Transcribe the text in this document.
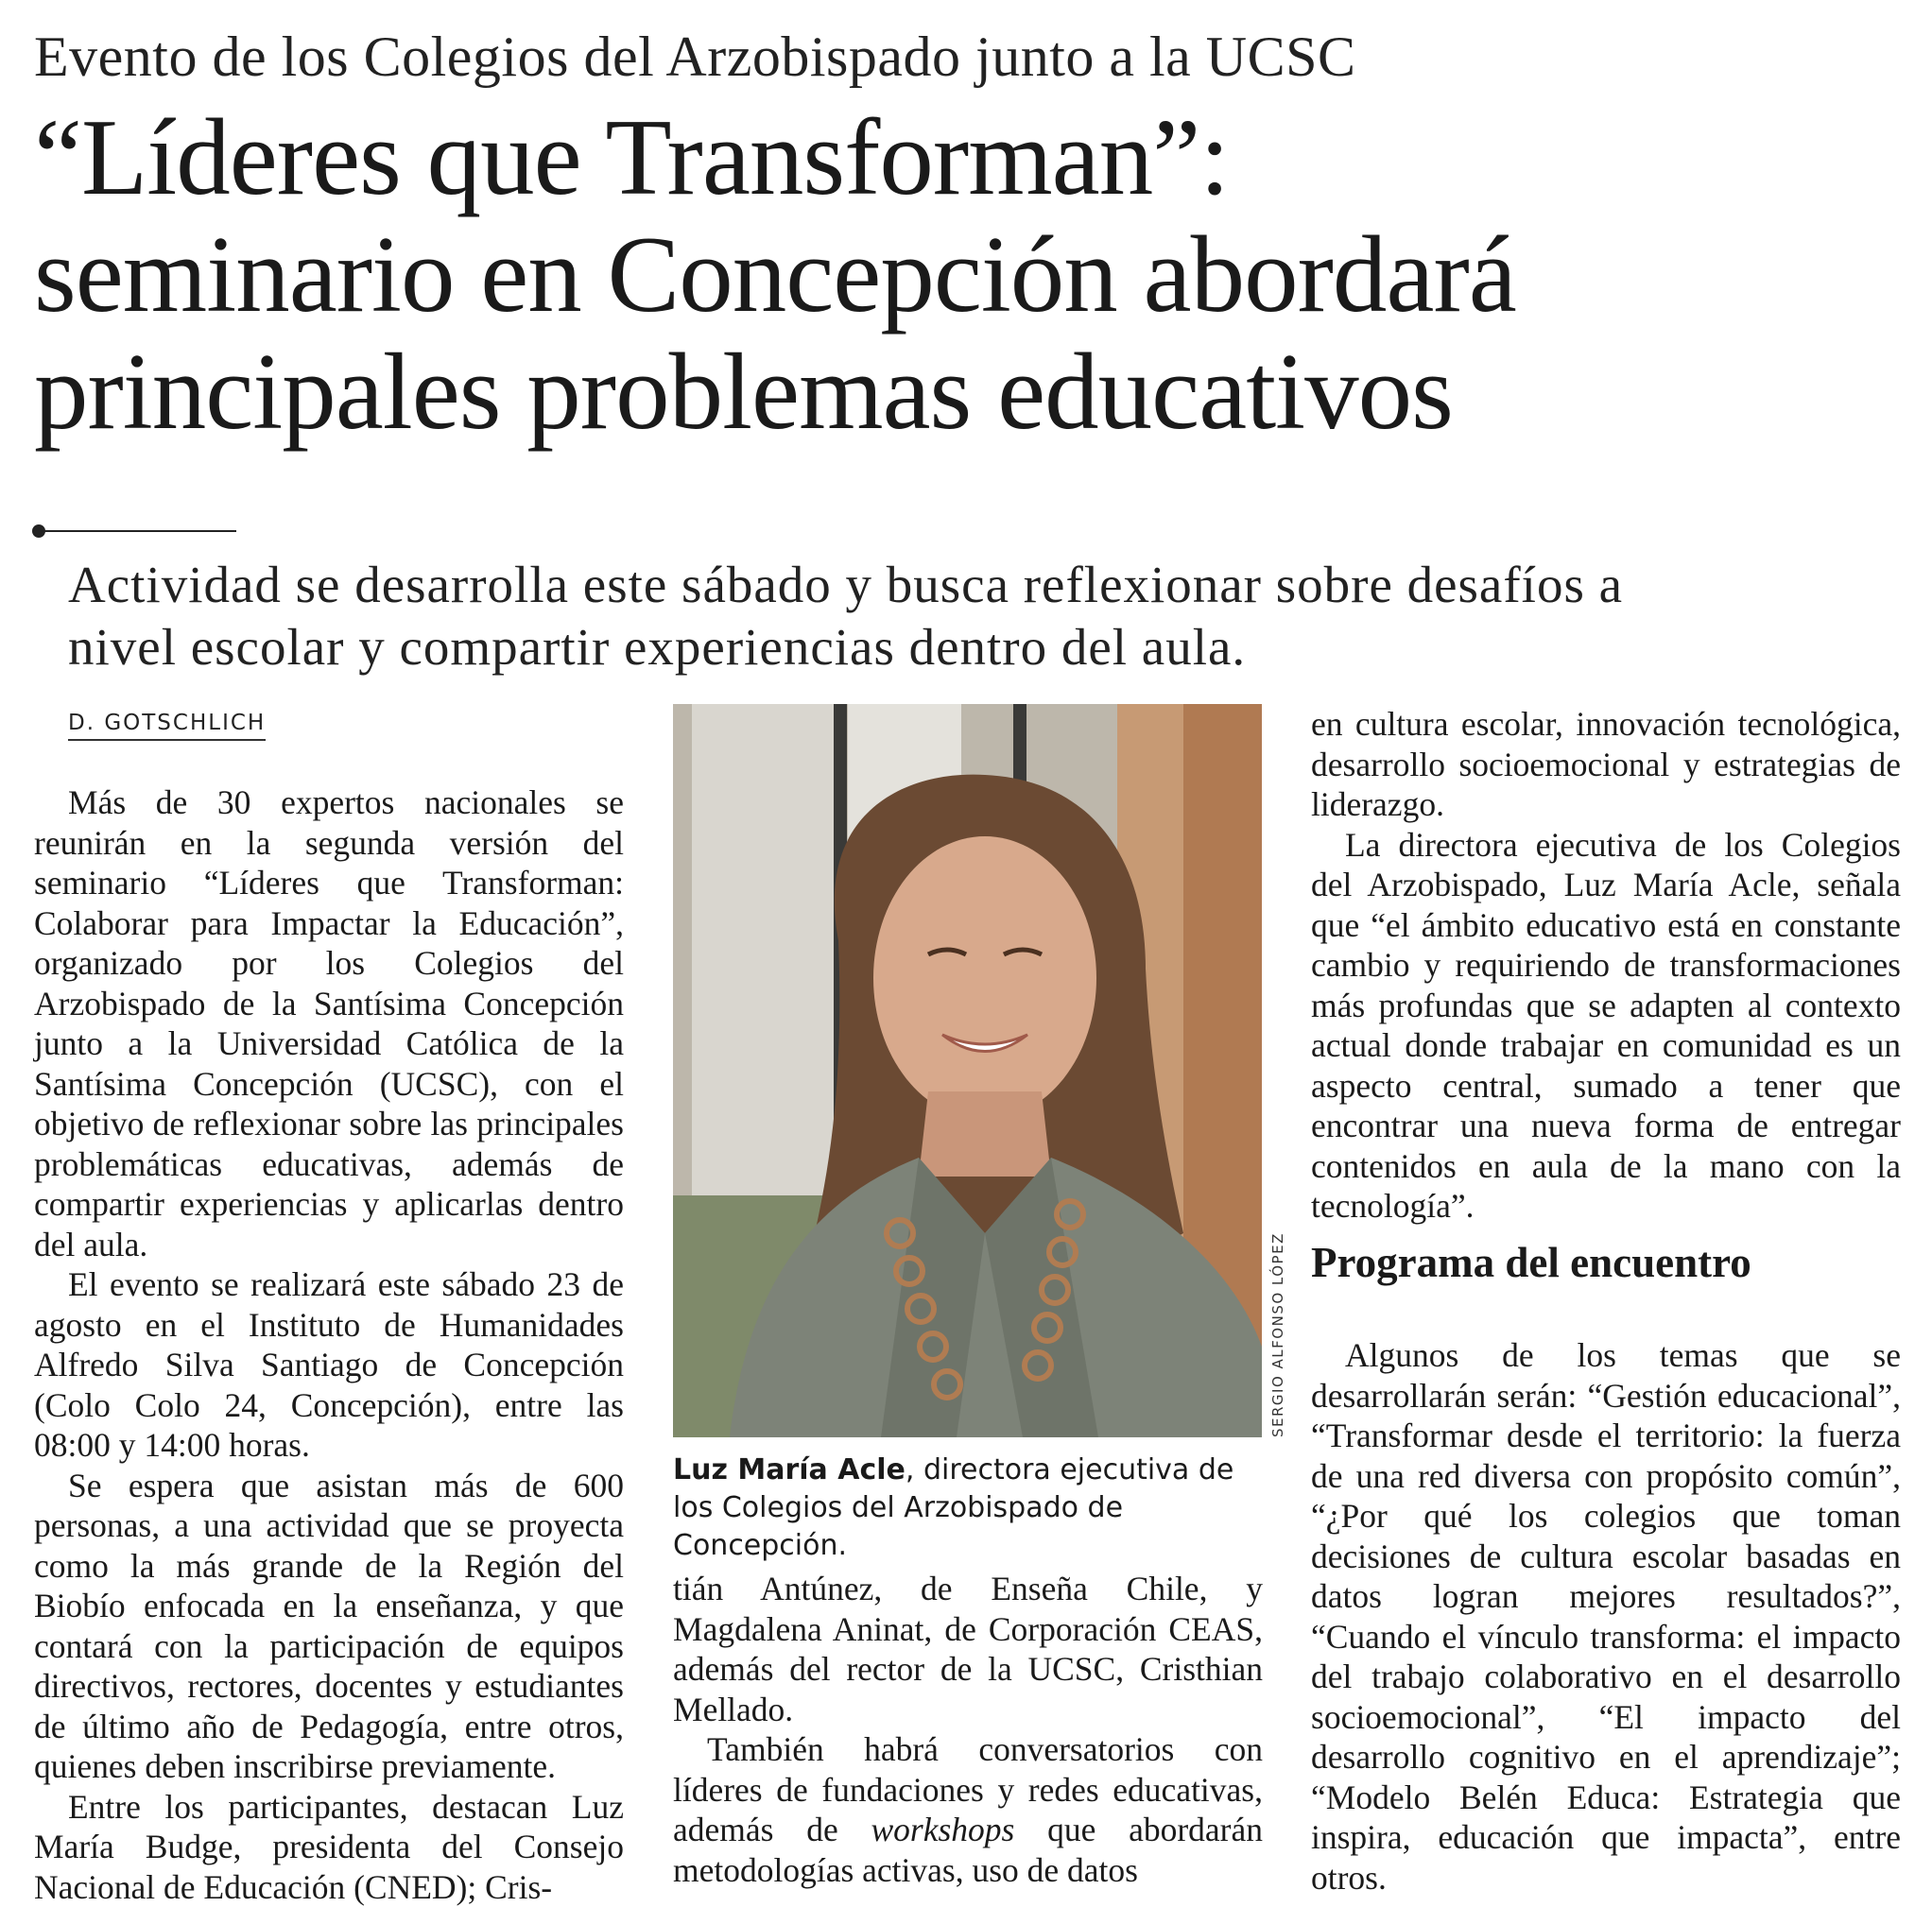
Evento de los Colegios del Arzobispado junto a la UCSC
“Líderes que Transforman”:
seminario en Concepción abordará
principales problemas educativos
Actividad se desarrolla este sábado y busca reflexionar sobre desafíos a
nivel escolar y compartir experiencias dentro del aula.
D. GOTSCHLICH

Más de 30 expertos nacionales se reunirán en la segunda versión del seminario “Líderes que Transforman: Colaborar para Impactar la Educación”, organizado por los Colegios del Arzobispado de la Santísima Concepción junto a la Universidad Católica de la Santísima Concepción (UCSC), con el objetivo de reflexionar sobre las principales problemáticas educativas, además de compartir experiencias y aplicarlas dentro del aula.

El evento se realizará este sábado 23 de agosto en el Instituto de Humanidades Alfredo Silva Santiago de Concepción (Colo Colo 24, Concepción), entre las 08:00 y 14:00 horas.

Se espera que asistan más de 600 personas, a una actividad que se proyecta como la más grande de la Región del Biobío enfocada en la enseñanza, y que contará con la participación de equipos directivos, rectores, docentes y estudiantes de último año de Pedagogía, entre otros, quienes deben inscribirse previamente.

Entre los participantes, destacan Luz María Budge, presidenta del Consejo Nacional de Educación (CNED); Cris-

SERGIO ALFONSO LÓPEZ
Luz María Acle, directora ejecutiva de los Colegios del Arzobispado de Concepción.

tián Antúnez, de Enseña Chile, y Magdalena Aninat, de Corporación CEAS, además del rector de la UCSC, Cristhian Mellado.

También habrá conversatorios con líderes de fundaciones y redes educativas, además de workshops que abordarán metodologías activas, uso de datos

en cultura escolar, innovación tecnológica, desarrollo socioemocional y estrategias de liderazgo.

La directora ejecutiva de los Colegios del Arzobispado, Luz María Acle, señala que “el ámbito educativo está en constante cambio y requiriendo de transformaciones más profundas que se adapten al contexto actual donde trabajar en comunidad es un aspecto central, sumado a tener que encontrar una nueva forma de entregar contenidos en aula de la mano con la tecnología”.

Programa del encuentro

Algunos de los temas que se desarrollarán serán: “Gestión educacional”, “Transformar desde el territorio: la fuerza de una red diversa con propósito común”, “¿Por qué los colegios que toman decisiones de cultura escolar basadas en datos logran mejores resultados?”, “Cuando el vínculo transforma: el impacto del trabajo colaborativo en el desarrollo socioemocional”, “El impacto del desarrollo cognitivo en el aprendizaje”; “Modelo Belén Educa: Estrategia que inspira, educación que impacta”, entre otros.
